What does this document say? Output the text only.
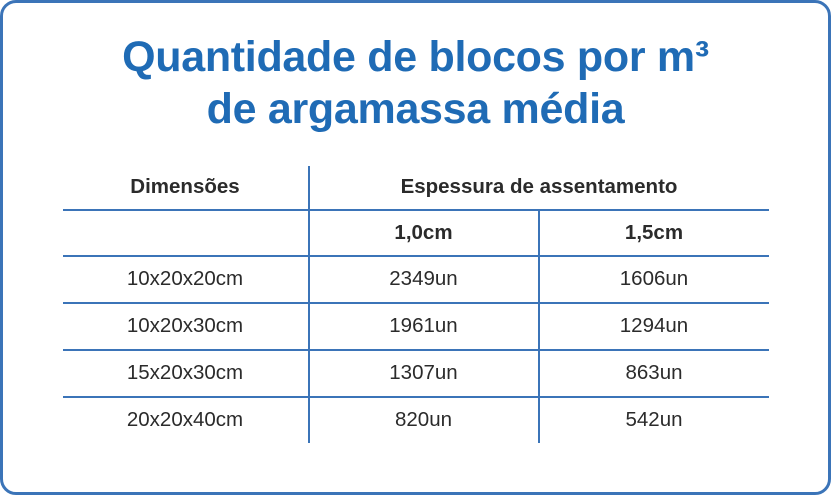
Quantidade de blocos por m³
de argamassa média
Dimensões	Espessura de assentamento	
	1,0cm	1,5cm
10x20x20cm	2349un	1606un
10x20x30cm	1961un	1294un
15x20x30cm	1307un	863un
20x20x40cm	820un	542un
